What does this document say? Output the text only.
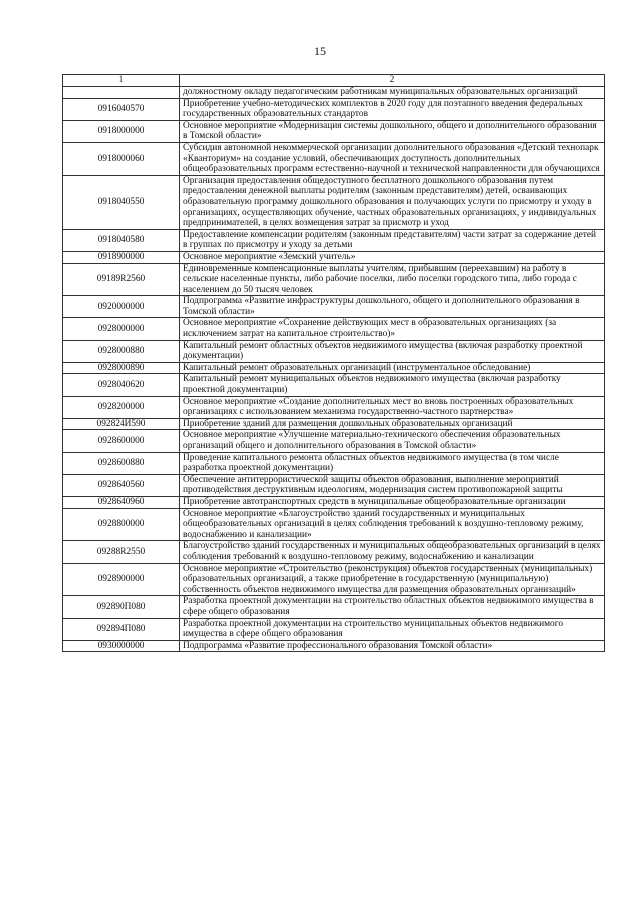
15
1	2
	должностному окладу педагогическим работникам муниципальных образовательных организаций
0916040570	Приобретение учебно-методических комплектов в 2020 году для поэтапного введения федеральных государственных образовательных стандартов
0918000000	Основное мероприятие «Модернизация системы дошкольного, общего и дополнительного образования в Томской области»
0918000060	Субсидия автономной некоммерческой организации дополнительного образования «Детский технопарк «Кванториум» на создание условий, обеспечивающих доступность дополнительных общеобразовательных программ естественно-научной и технической направленности для обучающихся
0918040550	Организация предоставления общедоступного бесплатного дошкольного образования путем предоставления денежной выплаты родителям (законным представителям) детей, осваивающих образовательную программу дошкольного образования и получающих услуги по присмотру и уходу в организациях, осуществляющих обучение, частных образовательных организациях, у индивидуальных предпринимателей, в целях возмещения затрат за присмотр и уход
0918040580	Предоставление компенсации родителям (законным представителям) части затрат за содержание детей в группах по присмотру и уходу за детьми
0918900000	Основное мероприятие «Земский учитель»
09189R2560	Единовременные компенсационные выплаты учителям, прибывшим (переехавшим) на работу в сельские населенные пункты, либо рабочие поселки, либо поселки городского типа, либо города с населением до 50 тысяч человек
0920000000	Подпрограмма «Развитие инфраструктуры дошкольного, общего и дополнительного образования в Томской области»
0928000000	Основное мероприятие «Сохранение действующих мест в образовательных организациях (за исключением затрат на капитальное строительство)»
0928000880	Капитальный ремонт областных объектов недвижимого имущества (включая разработку проектной документации)
0928000890	Капитальный ремонт образовательных организаций (инструментальное обследование)
0928040620	Капитальный ремонт муниципальных объектов недвижимого имущества (включая разработку проектной документации)
0928200000	Основное мероприятие «Создание дополнительных мест во вновь построенных образовательных организациях с использованием механизма государственно-частного партнерства»
092824И590	Приобретение зданий для размещения дошкольных образовательных организаций
0928600000	Основное мероприятие «Улучшение материально-технического обеспечения образовательных организаций общего и дополнительного образования в Томской области»
0928600880	Проведение капитального ремонта областных объектов недвижимого имущества (в том числе разработка проектной документации)
0928640560	Обеспечение антитеррористической защиты объектов образования, выполнение мероприятий противодействия деструктивным идеологиям, модернизация систем противопожарной защиты
0928640960	Приобретение автотранспортных средств в муниципальные общеобразовательные организации
0928800000	Основное мероприятие «Благоустройство зданий государственных и муниципальных общеобразовательных организаций в целях соблюдения требований к воздушно-тепловому режиму, водоснабжению и канализации»
09288R2550	Благоустройство зданий государственных и муниципальных общеобразовательных организаций в целях соблюдения требований к воздушно-тепловому режиму, водоснабжению и канализации
0928900000	Основное мероприятие «Строительство (реконструкция) объектов государственных (муниципальных) образовательных организаций, а также приобретение в государственную (муниципальную) собственность объектов недвижимого имущества для размещения образовательных организаций»
092890П080	Разработка проектной документации на строительство областных объектов недвижимого имущества в сфере общего образования
092894П080	Разработка проектной документации на строительство муниципальных объектов недвижимого имущества в сфере общего образования
0930000000	Подпрограмма «Развитие профессионального образования Томской области»
